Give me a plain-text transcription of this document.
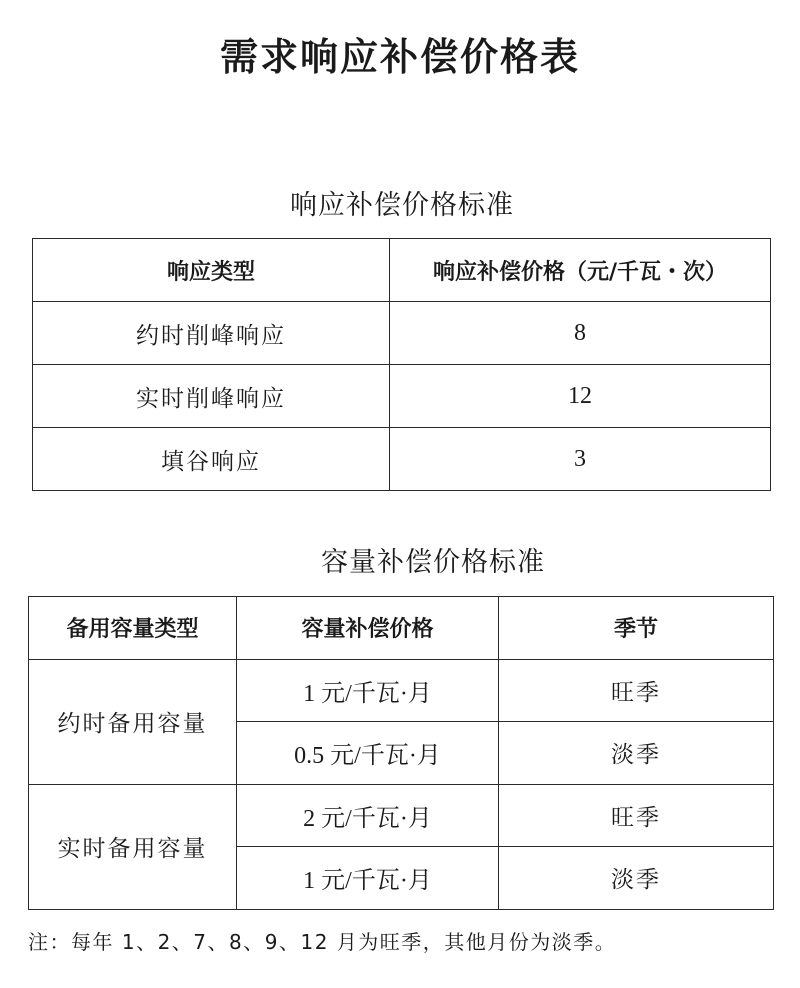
需求响应补偿价格表
响应补偿价格标准
响应类型	响应补偿价格（元/千瓦・次）
约时削峰响应	8
实时削峰响应	12
填谷响应	3
容量补偿价格标准
备用容量类型	容量补偿价格	季节
约时备用容量	1 元/千瓦·月	旺季
	0.5 元/千瓦·月	淡季
实时备用容量	2 元/千瓦·月	旺季
	1 元/千瓦·月	淡季
注：每年 1、2、7、8、9、12 月为旺季，其他月份为淡季。
